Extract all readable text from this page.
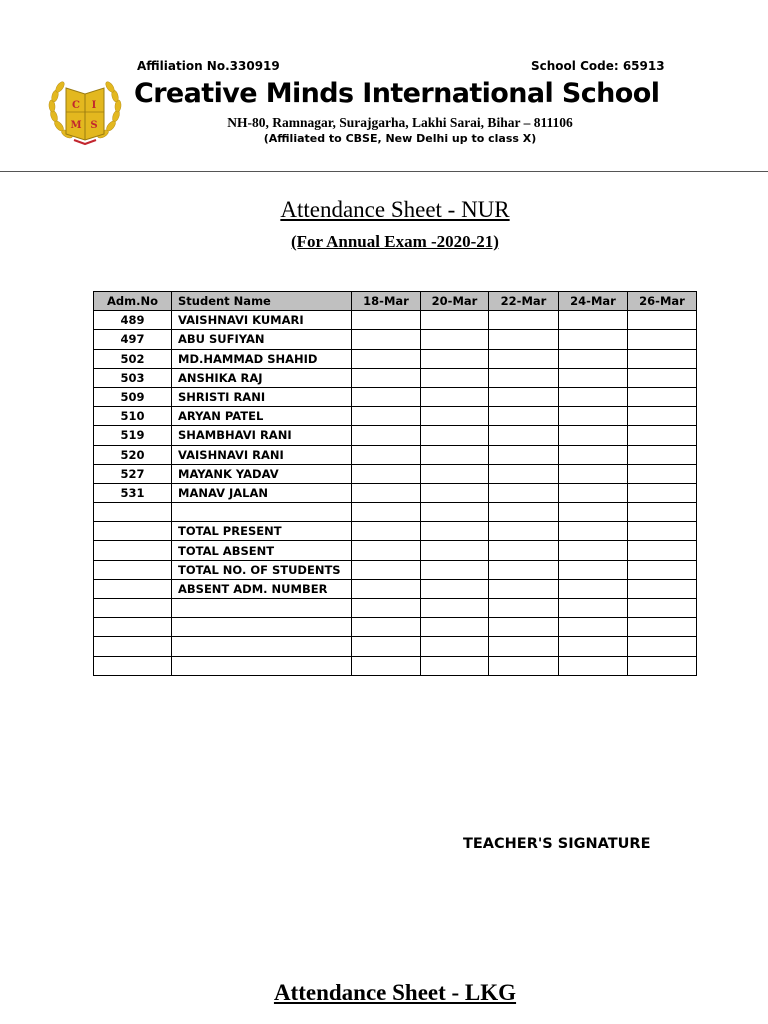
Affiliation No.330919	School Code: 65913
C I
M S
Creative Minds International School
NH-80, Ramnagar, Surajgarha, Lakhi Sarai, Bihar – 811106
(Affiliated to CBSE, New Delhi up to class X)
Attendance Sheet - NUR
(For Annual Exam -2020-21)
Adm.No	Student Name	18-Mar	20-Mar	22-Mar	24-Mar	26-Mar
489	VAISHNAVI KUMARI					
497	ABU SUFIYAN					
502	MD.HAMMAD SHAHID					
503	ANSHIKA RAJ					
509	SHRISTI RANI					
510	ARYAN PATEL					
519	SHAMBHAVI RANI					
520	VAISHNAVI RANI					
527	MAYANK YADAV					
531	MANAV JALAN					

	TOTAL PRESENT					
	TOTAL ABSENT					
	TOTAL NO. OF STUDENTS					
	ABSENT ADM. NUMBER					

TEACHER'S SIGNATURE
Attendance Sheet - LKG
